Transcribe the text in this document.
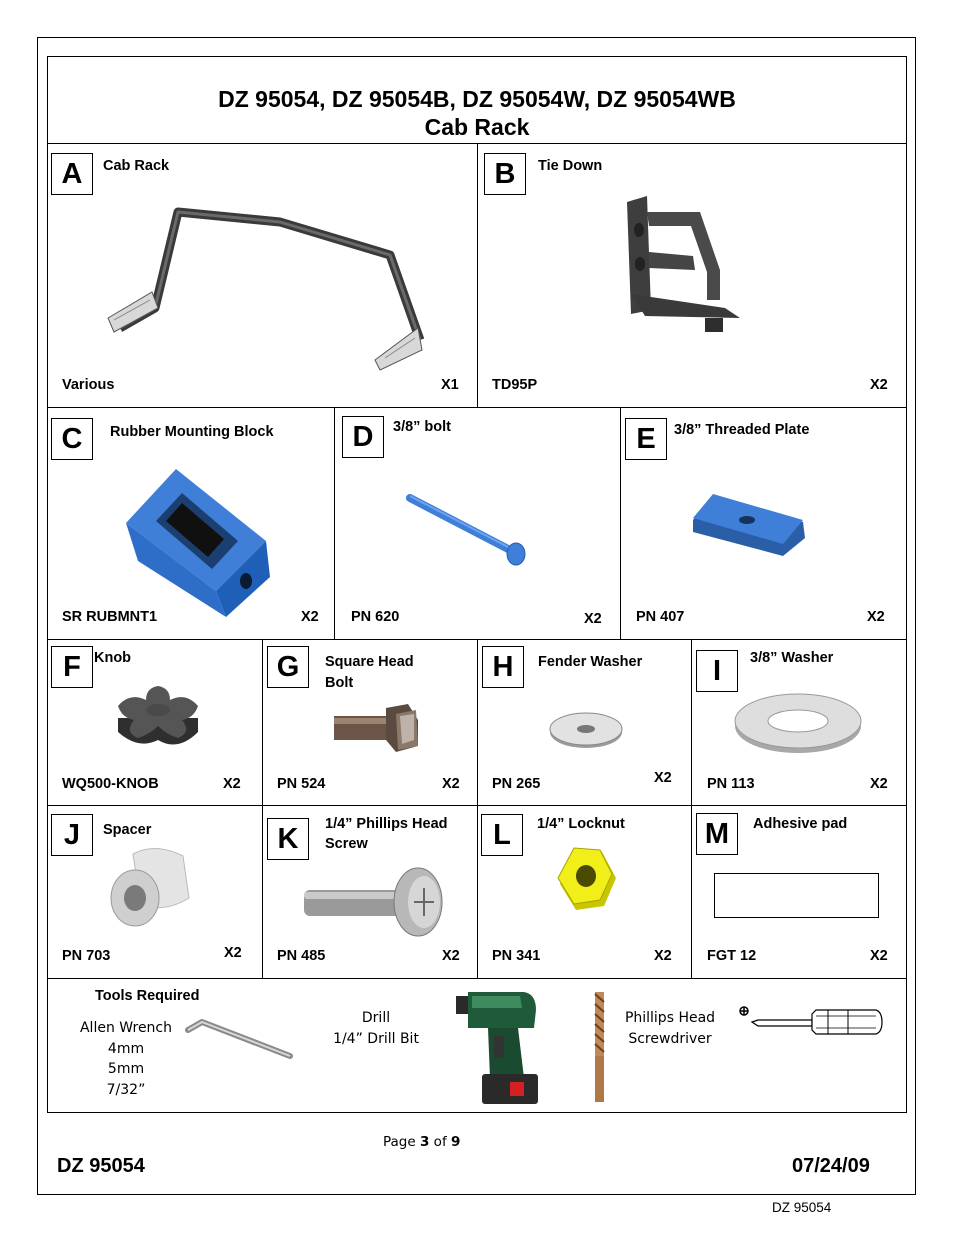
DZ 95054, DZ 95054B, DZ 95054W, DZ 95054WB
Cab Rack
A	Cab Rack
Various	X1
B	Tie Down
TD95P	X2
C	Rubber Mounting Block
SR RUBMNT1	X2
D	3/8” bolt
PN 620	X2
E	3/8” Threaded Plate
PN 407	X2
F Knob
WQ500-KNOB	X2
G	Square Head
Bolt
PN 524	X2
H	Fender Washer
PN 265	X2
I	3/8” Washer
PN 113	X2
J	Spacer
PN 703	X2
K	1/4” Phillips Head
Screw
PN 485	X2
L	1/4” Locknut
PN 341	X2
M	Adhesive pad
FGT 12	X2
Tools Required
Allen Wrench
4mm
5mm
7/32”
Drill
1/4” Drill Bit
Phillips Head
Screwdriver
Page 3 of 9
DZ 95054	07/24/09
DZ 95054
